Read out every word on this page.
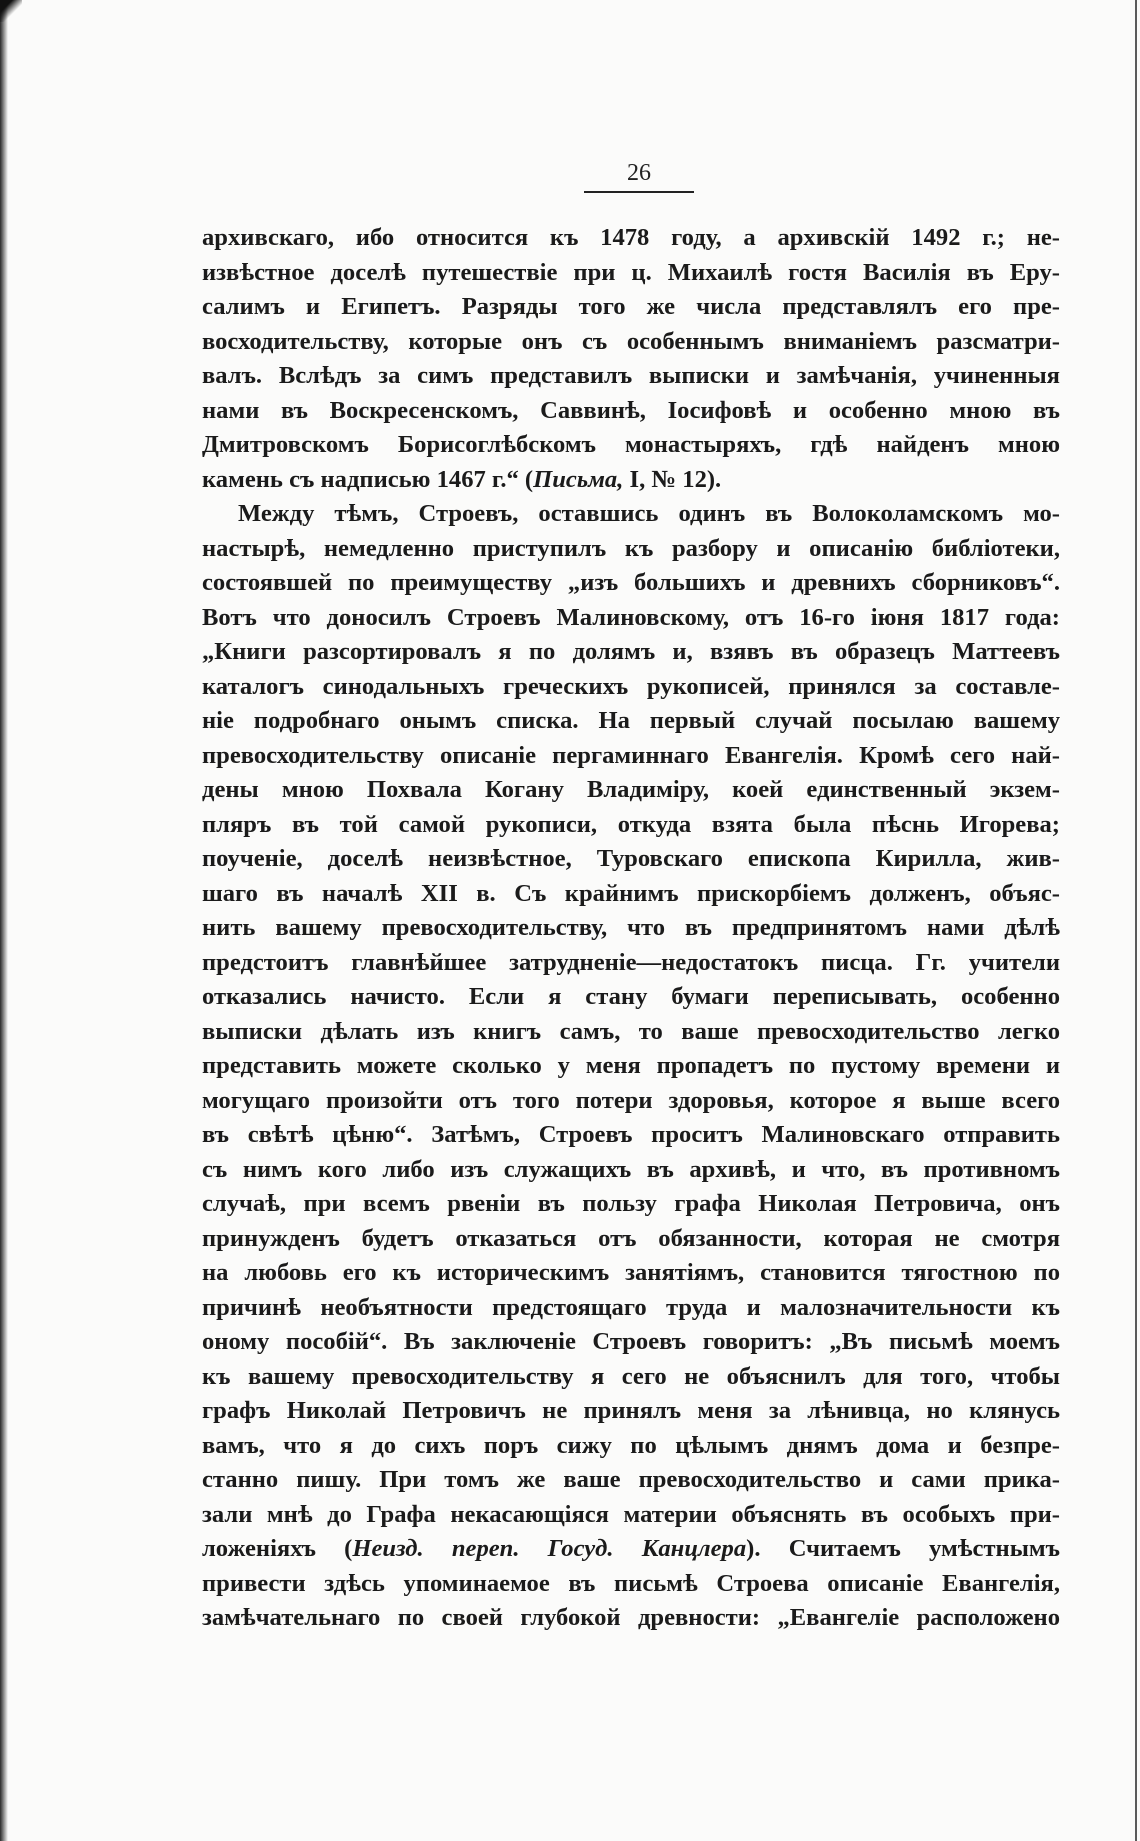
26
архивскаго, ибо относится къ 1478 году, а архивскій 1492 г.; не-
извѣстное доселѣ путешествіе при ц. Михаилѣ гостя Василія въ Еру-
салимъ и Египетъ. Разряды того же числа представлялъ его пре-
восходительству, которые онъ съ особеннымъ вниманіемъ разсматри-
валъ. Вслѣдъ за симъ представилъ выписки и замѣчанія, учиненныя
нами въ Воскресенскомъ, Саввинѣ, Іосифовѣ и особенно мною въ
Дмитровскомъ Борисоглѣбскомъ монастыряхъ, гдѣ найденъ мною
камень съ надписью 1467 г.“ (Письма, I, № 12).
Между тѣмъ, Строевъ, оставшись одинъ въ Волоколамскомъ мо-
настырѣ, немедленно приступилъ къ разбору и описанію библіотеки,
состоявшей по преимуществу „изъ большихъ и древнихъ сборниковъ“.
Вотъ что доносилъ Строевъ Малиновскому, отъ 16-го іюня 1817 года:
„Книги разсортировалъ я по долямъ и, взявъ въ образецъ Маттеевъ
каталогъ синодальныхъ греческихъ рукописей, принялся за составле-
ніе подробнаго онымъ списка. На первый случай посылаю вашему
превосходительству описаніе пергаминнаго Евангелія. Кромѣ сего най-
дены мною Похвала Когану Владиміру, коей единственный экзем-
пляръ въ той самой рукописи, откуда взята была пѣснь Игорева;
поученіе, доселѣ неизвѣстное, Туровскаго епископа Кирилла, жив-
шаго въ началѣ XII в. Съ крайнимъ прискорбіемъ долженъ, объяс-
нить вашему превосходительству, что въ предпринятомъ нами дѣлѣ
предстоитъ главнѣйшее затрудненіе—недостатокъ писца. Гг. учители
отказались начисто. Если я стану бумаги переписывать, особенно
выписки дѣлать изъ книгъ самъ, то ваше превосходительство легко
представить можете сколько у меня пропадетъ по пустому времени и
могущаго произойти отъ того потери здоровья, которое я выше всего
въ свѣтѣ цѣню“. Затѣмъ, Строевъ проситъ Малиновскаго отправить
съ нимъ кого либо изъ служащихъ въ архивѣ, и что, въ противномъ
случаѣ, при всемъ рвеніи въ пользу графа Николая Петровича, онъ
принужденъ будетъ отказаться отъ обязанности, которая не смотря
на любовь его къ историческимъ занятіямъ, становится тягостною по
причинѣ необъятности предстоящаго труда и малозначительности къ
оному пособій“. Въ заключеніе Строевъ говоритъ: „Въ письмѣ моемъ
къ вашему превосходительству я сего не объяснилъ для того, чтобы
графъ Николай Петровичъ не принялъ меня за лѣнивца, но клянусь
вамъ, что я до сихъ поръ сижу по цѣлымъ днямъ дома и безпре-
станно пишу. При томъ же ваше превосходительство и сами прика-
зали мнѣ до Графа некасающіяся материи объяснять въ особыхъ при-
ложеніяхъ (Неизд. переп. Госуд. Канцлера). Считаемъ умѣстнымъ
привести здѣсь упоминаемое въ письмѣ Строева описаніе Евангелія,
замѣчательнаго по своей глубокой древности: „Евангеліе расположено
